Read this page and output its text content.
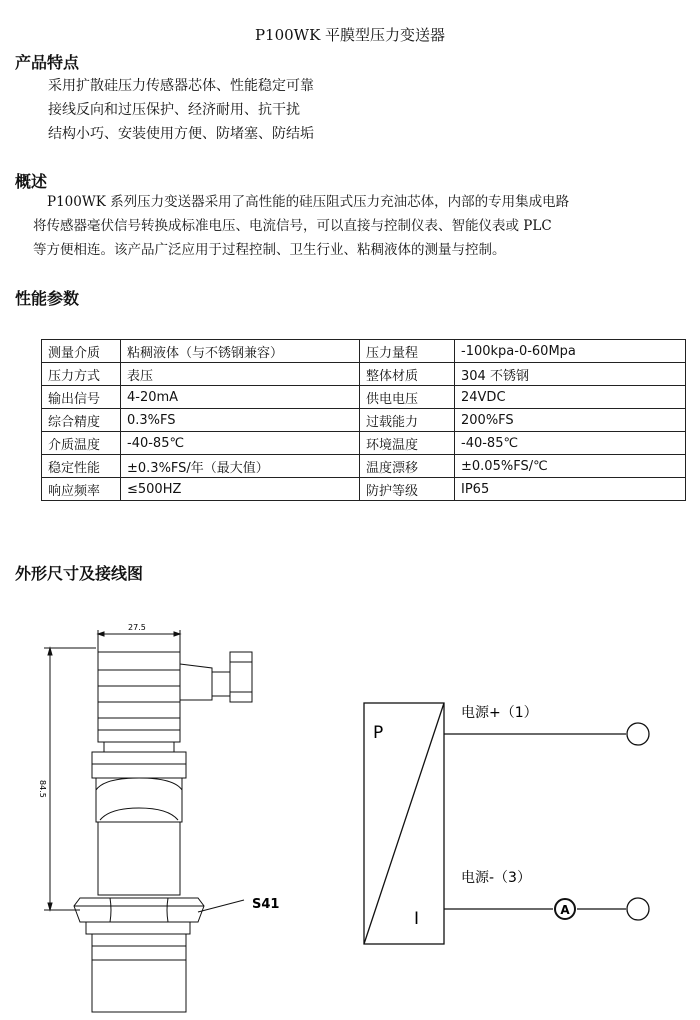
P100WK 平膜型压力变送器
产品特点
采用扩散硅压力传感器芯体、性能稳定可靠
接线反向和过压保护、经济耐用、抗干扰
结构小巧、安装使用方便、防堵塞、防结垢
概述
P100WK 系列压力变送器采用了高性能的硅压阻式压力充油芯体，内部的专用集成电路
将传感器毫伏信号转换成标准电压、电流信号，可以直接与控制仪表、智能仪表或 PLC
等方便相连。该产品广泛应用于过程控制、卫生行业、粘稠液体的测量与控制。
性能参数
测量介质	粘稠液体（与不锈钢兼容）	压力量程	-100kpa-0-60Mpa
压力方式	表压	整体材质	304 不锈钢
输出信号	4-20mA	供电电压	24VDC
综合精度	0.3%FS	过载能力	200%FS
介质温度	-40-85℃	环境温度	-40-85℃
稳定性能	±0.3%FS/年（最大值）	温度漂移	±0.05%FS/℃
响应频率	≤500HZ	防护等级	IP65
外形尺寸及接线图
27.5
84.5
S41	A
P
I
电源+（1）
电源-（3）
